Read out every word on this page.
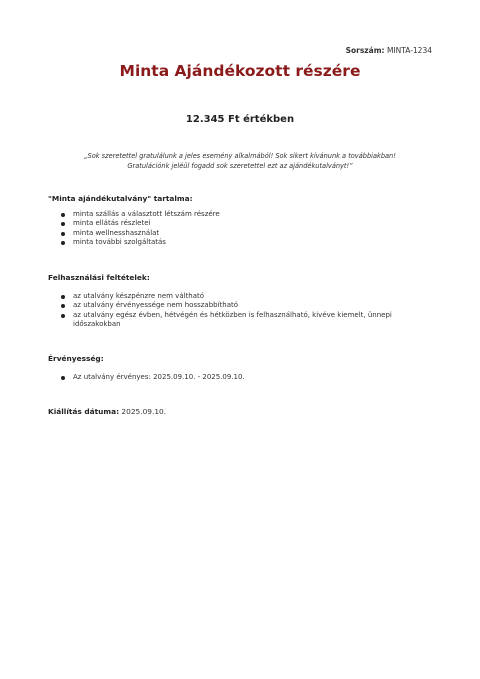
Sorszám: MINTA-1234
Minta Ajándékozott részére
12.345 Ft értékben
„Sok szeretettel gratulálunk a jeles esemény alkalmából! Sok sikert kívánunk a továbbiakban!
Gratulációnk jeléül fogadd sok szeretettel ezt az ajándékutalványt!”
"Minta ajándékutalvány" tartalma:
minta szállás a választott létszám részére
minta ellátás részletei
minta wellnesshasználat
minta további szolgáltatás
Felhasználási feltételek:
az utalvány készpénzre nem váltható
az utalvány érvényessége nem hosszabbítható
az utalvány egész évben, hétvégén és hétközben is felhasználható, kivéve kiemelt, ünnepi időszakokban
Érvényesség:
Az utalvány érvényes: 2025.09.10. - 2025.09.10.
Kiállítás dátuma: 2025.09.10.
